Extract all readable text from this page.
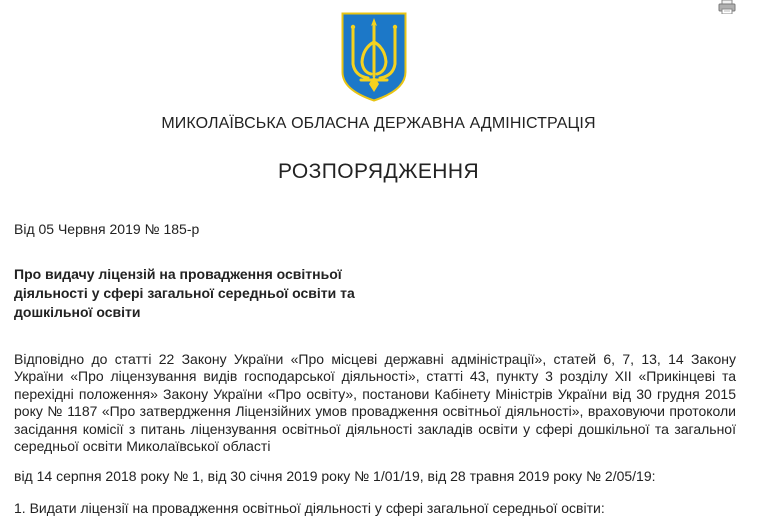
МИКОЛАЇВСЬКА ОБЛАСНА ДЕРЖАВНА АДМІНІСТРАЦІЯ
РОЗПОРЯДЖЕННЯ
Від 05 Червня 2019 № 185-р
Про видачу ліцензій на провадження освітньої
діяльності у сфері загальної середньої освіти та
дошкільної освіти
Відповідно до статті 22 Закону України «Про місцеві державні адміністрації», статей 6, 7, 13, 14 Закону України «Про ліцензування видів господарської діяльності», статті 43, пункту 3 розділу XII «Прикінцеві та перехідні положення» Закону України «Про освіту», постанови Кабінету Міністрів України від 30 грудня 2015 року № 1187 «Про затвердження Ліцензійних умов провадження освітньої діяльності», враховуючи протоколи засідання комісії з питань ліцензування освітньої діяльності закладів освіти у сфері дошкільної та загальної середньої освіти Миколаївської області
від 14 серпня 2018 року № 1, від 30 січня 2019 року № 1/01/19, від 28 травня 2019 року № 2/05/19:
1. Видати ліцензії на провадження освітньої діяльності у сфері загальної середньої освіти:
